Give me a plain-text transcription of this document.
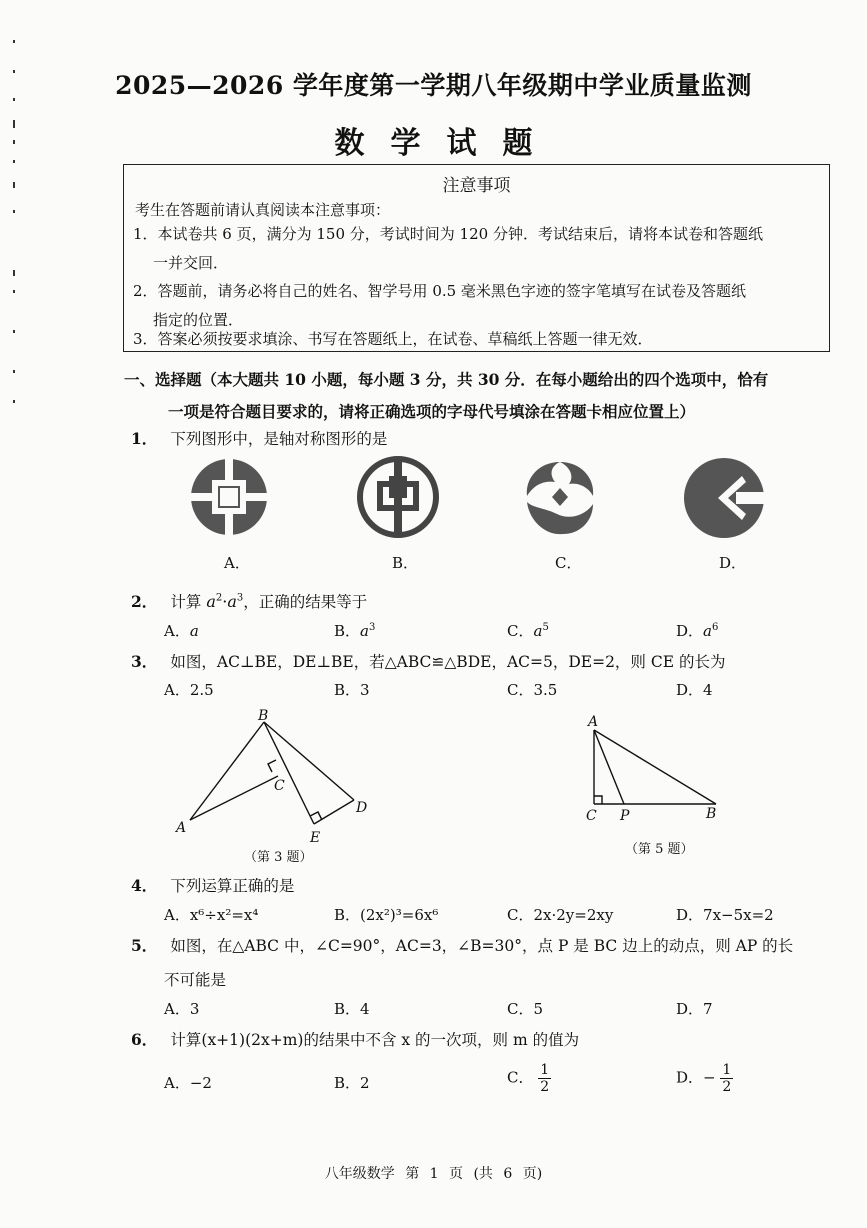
2025—2026 学年度第一学期八年级期中学业质量监测
数学试题
注意事项
考生在答题前请认真阅读本注意事项：
1．本试卷共 6 页，满分为 150 分，考试时间为 120 分钟．考试结束后，请将本试卷和答题纸
一并交回．
2．答题前，请务必将自己的姓名、智学号用 0.5 毫米黑色字迹的签字笔填写在试卷及答题纸
指定的位置．
3．答案必须按要求填涂、书写在答题纸上，在试卷、草稿纸上答题一律无效．
一、选择题（本大题共 10 小题，每小题 3 分，共 30 分．在每小题给出的四个选项中，恰有
一项是符合题目要求的，请将正确选项的字母代号填涂在答题卡相应位置上）
1． 下列图形中，是轴对称图形的是
A．	B．	C．	D．
2． 计算 $a^2\cdot a^3$，正确的结果等于
A．a	B．$a^3$	C．$a^5$	D．$a^6$
3． 如图，AC⊥BE，DE⊥BE，若△ABC≌△BDE，AC=5，DE=2，则 CE 的长为
A．2.5	B．3	C．3.5	D．4
B
C
A
D
E
（第 3 题）
A
C P	B
（第 5 题）
4． 下列运算正确的是
A．x⁶÷x²=x⁴	B．(2x²)³=6x⁶	C．2x·2y=2xy	D．7x−5x=2
5． 如图，在△ABC 中，∠C=90°，AC=3，∠B=30°，点 P 是 BC 边上的动点，则 AP 的长
不可能是
A．3	B．4	C．5	D．7
6． 计算(x+1)(2x+m)的结果中不含 x 的一次项，则 m 的值为
A．−2	B．2	C． $\frac{1}{2}$	D．− $\frac{1}{2}$
八年级数学 第 1 页 (共 6 页)
